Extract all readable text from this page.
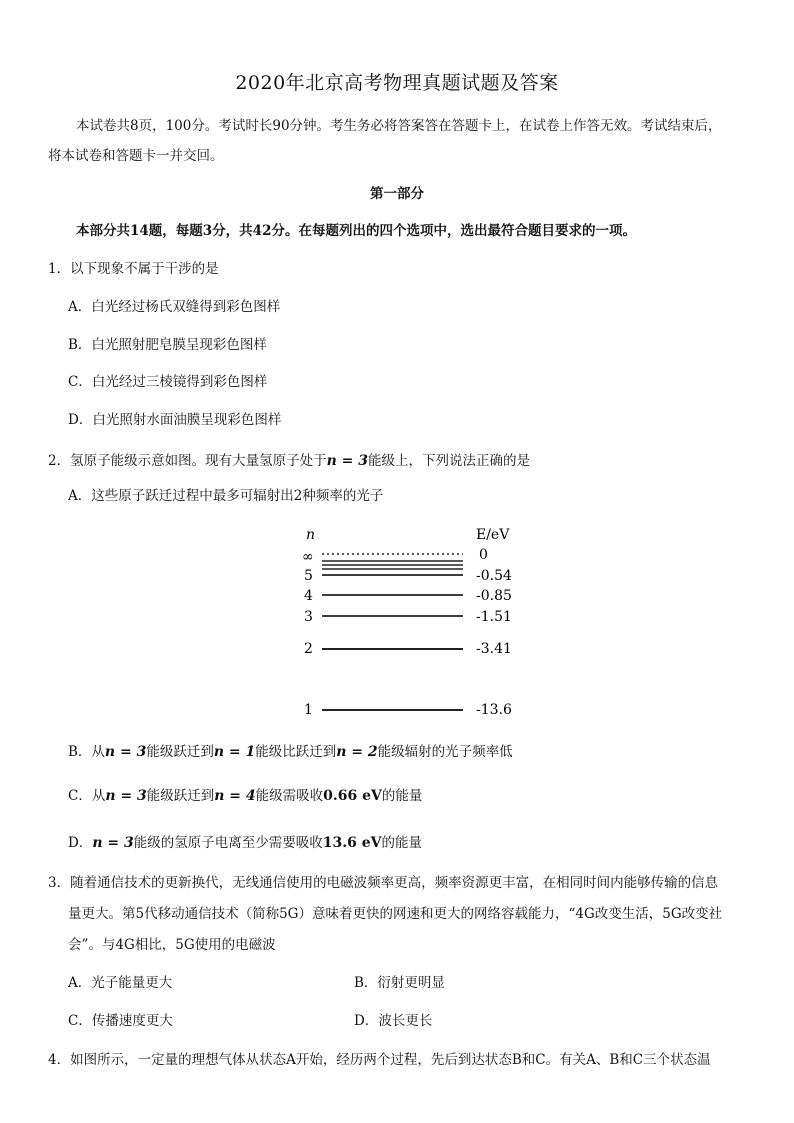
2020年北京高考物理真题试题及答案
本试卷共8页，100分。考试时长90分钟。考生务必将答案答在答题卡上，在试卷上作答无效。考试结束后，
将本试卷和答题卡一并交回。
第一部分
本部分共14题，每题3分，共42分。在每题列出的四个选项中，选出最符合题目要求的一项。
1．以下现象不属于干涉的是
A．白光经过杨氏双缝得到彩色图样
B．白光照射肥皂膜呈现彩色图样
C．白光经过三棱镜得到彩色图样
D．白光照射水面油膜呈现彩色图样
2．氢原子能级示意如图。现有大量氢原子处于n = 3能级上，下列说法正确的是
A．这些原子跃迁过程中最多可辐射出2种频率的光子
n	E/eV
∞	0
5	-0.54
4	-0.85
3	-1.51
2	-3.41
1	-13.6
B．从n = 3能级跃迁到n = 1能级比跃迁到n = 2能级辐射的光子频率低
C．从n = 3能级跃迁到n = 4能级需吸收0.66 eV的能量
D．n = 3能级的氢原子电离至少需要吸收13.6 eV的能量
3．随着通信技术的更新换代，无线通信使用的电磁波频率更高，频率资源更丰富，在相同时间内能够传输的信息
量更大。第5代移动通信技术（简称5G）意味着更快的网速和更大的网络容载能力，“4G改变生活，5G改变社
会”。与4G相比，5G使用的电磁波
A．光子能量更大	B．衍射更明显
C．传播速度更大	D．波长更长
4．如图所示，一定量的理想气体从状态A开始，经历两个过程，先后到达状态B和C。有关A、B和C三个状态温
